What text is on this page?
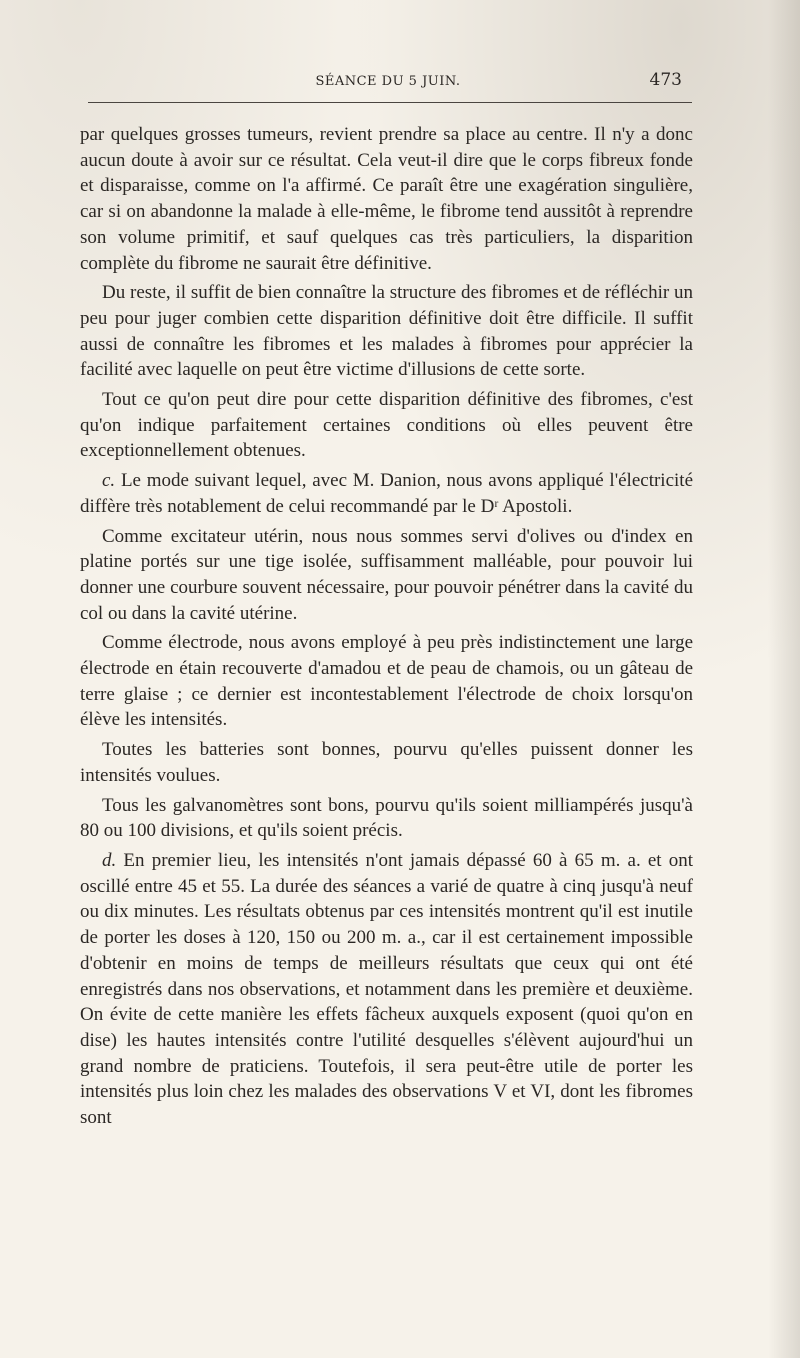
SÉANCE DU 5 JUIN.	473

par quelques grosses tumeurs, revient prendre sa place au centre. Il n'y a donc aucun doute à avoir sur ce résultat. Cela veut-il dire que le corps fibreux fonde et disparaisse, comme on l'a affirmé. Ce paraît être une exagération singulière, car si on abandonne la malade à elle-même, le fibrome tend aussitôt à reprendre son volume primitif, et sauf quelques cas très particuliers, la disparition complète du fibrome ne saurait être définitive.

Du reste, il suffit de bien connaître la structure des fibromes et de réfléchir un peu pour juger combien cette disparition définitive doit être difficile. Il suffit aussi de connaître les fibromes et les malades à fibromes pour apprécier la facilité avec laquelle on peut être victime d'illusions de cette sorte.

Tout ce qu'on peut dire pour cette disparition définitive des fibromes, c'est qu'on indique parfaitement certaines conditions où elles peuvent être exceptionnellement obtenues.

c. Le mode suivant lequel, avec M. Danion, nous avons appliqué l'électricité diffère très notablement de celui recommandé par le Dʳ Apostoli.

Comme excitateur utérin, nous nous sommes servi d'olives ou d'index en platine portés sur une tige isolée, suffisamment malléable, pour pouvoir lui donner une courbure souvent nécessaire, pour pouvoir pénétrer dans la cavité du col ou dans la cavité utérine.

Comme électrode, nous avons employé à peu près indistinctement une large électrode en étain recouverte d'amadou et de peau de chamois, ou un gâteau de terre glaise ; ce dernier est incontestablement l'électrode de choix lorsqu'on élève les intensités.

Toutes les batteries sont bonnes, pourvu qu'elles puissent donner les intensités voulues.

Tous les galvanomètres sont bons, pourvu qu'ils soient milliampérés jusqu'à 80 ou 100 divisions, et qu'ils soient précis.

d. En premier lieu, les intensités n'ont jamais dépassé 60 à 65 m. a. et ont oscillé entre 45 et 55. La durée des séances a varié de quatre à cinq jusqu'à neuf ou dix minutes. Les résultats obtenus par ces intensités montrent qu'il est inutile de porter les doses à 120, 150 ou 200 m. a., car il est certainement impossible d'obtenir en moins de temps de meilleurs résultats que ceux qui ont été enregistrés dans nos observations, et notamment dans les première et deuxième. On évite de cette manière les effets fâcheux auxquels exposent (quoi qu'on en dise) les hautes intensités contre l'utilité desquelles s'élèvent aujourd'hui un grand nombre de praticiens. Toutefois, il sera peut-être utile de porter les intensités plus loin chez les malades des observations V et VI, dont les fibromes sont
